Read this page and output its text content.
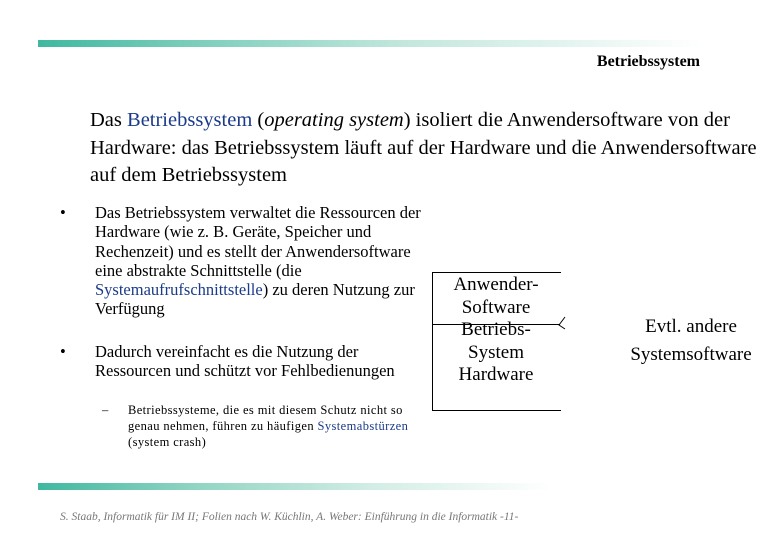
Betriebssystem
Das Betriebssystem (operating system) isoliert die Anwendersoftware von der Hardware: das Betriebssystem läuft auf der Hardware und die Anwendersoftware auf dem Betriebssystem
• Das Betriebssystem verwaltet die Ressourcen der Hardware (wie z. B. Geräte, Speicher und Rechenzeit) und es stellt der Anwendersoftware eine abstrakte Schnittstelle (die Systemaufrufschnittstelle) zu deren Nutzung zur Verfügung
• Dadurch vereinfacht es die Nutzung der Ressourcen und schützt vor Fehlbedienungen
– Betriebssysteme, die es mit diesem Schutz nicht so genau nehmen, führen zu häufigen Systemabstürzen (system crash)
Anwender-
Software
Betriebs-
System
Hardware
Evtl. andere
Systemsoftware
S. Staab, Informatik für IM II; Folien nach W. Küchlin, A. Weber: Einführung in die Informatik -11-
